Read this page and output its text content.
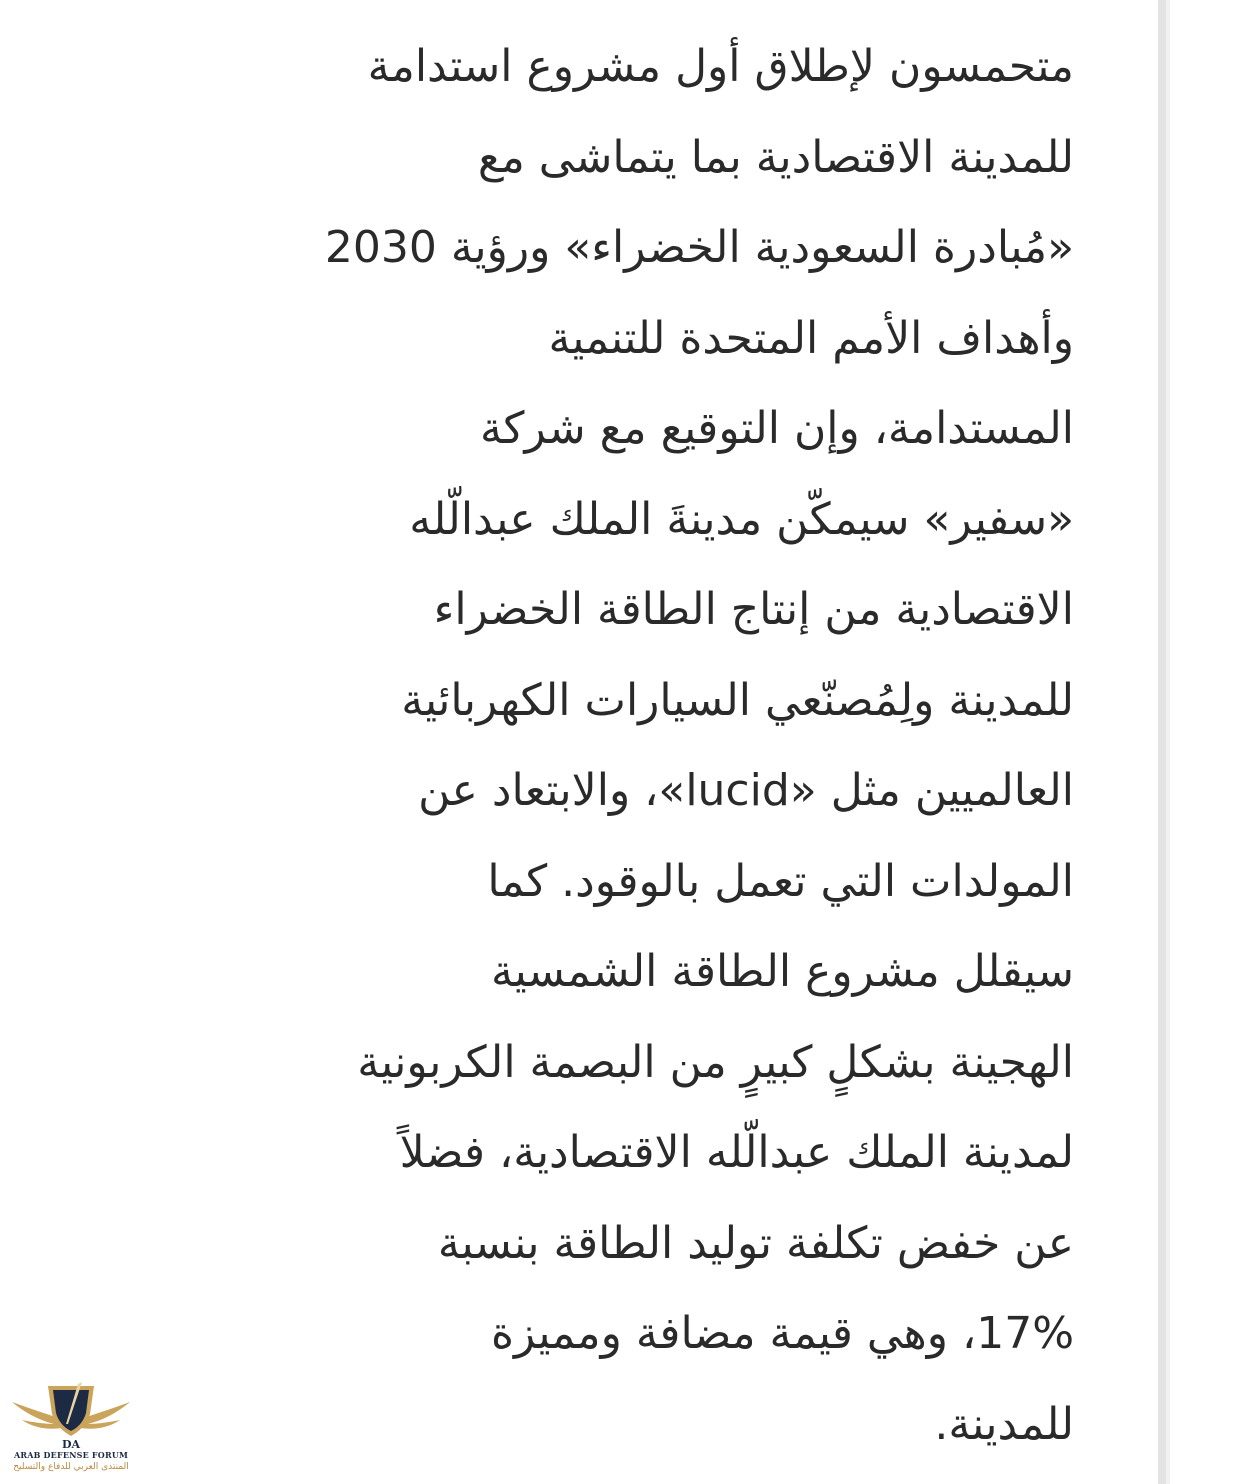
متحمسون لإطلاق أول مشروع استدامة
للمدينة الاقتصادية بما يتماشى مع
«مُبادرة السعودية الخضراء» ورؤية 2030
وأهداف الأمم المتحدة للتنمية
المستدامة، وإن التوقيع مع شركة
«سفير» سيمكّن مدينةَ الملك عبدالّله
الاقتصادية من إنتاج الطاقة الخضراء
للمدينة ولِمُصنّعي السيارات الكهربائية
العالميين مثل «lucid»، والابتعاد عن
المولدات التي تعمل بالوقود. كما
سيقلل مشروع الطاقة الشمسية
الهجينة بشكلٍ كبيرٍ من البصمة الكربونية
لمدينة الملك عبدالّله الاقتصادية، فضلاً
عن خفض تكلفة توليد الطاقة بنسبة
17%، وهي قيمة مضافة ومميزة
للمدينة.
DA
ARAB DEFENSE FORUM
المنتدى العربي للدفاع والتسليح
